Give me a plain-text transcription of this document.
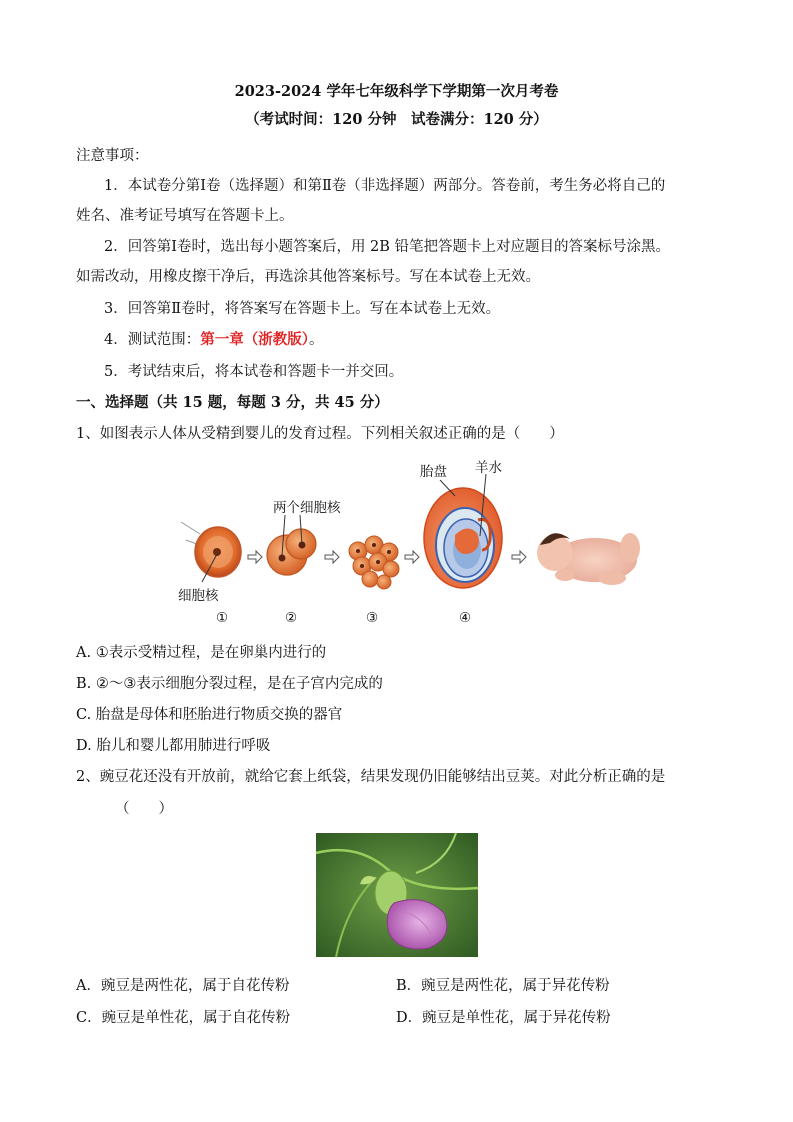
2023-2024 学年七年级科学下学期第一次月考卷
（考试时间：120 分钟　试卷满分：120 分）
注意事项：
1．本试卷分第Ⅰ卷（选择题）和第Ⅱ卷（非选择题）两部分。答卷前，考生务必将自己的
姓名、准考证号填写在答题卡上。
2．回答第Ⅰ卷时，选出每小题答案后，用 2B 铅笔把答题卡上对应题目的答案标号涂黑。
如需改动，用橡皮擦干净后，再选涂其他答案标号。写在本试卷上无效。
3．回答第Ⅱ卷时，将答案写在答题卡上。写在本试卷上无效。
4．测试范围：第一章（浙教版）。
5．考试结束后，将本试卷和答题卡一并交回。
一、选择题（共 15 题，每题 3 分，共 45 分）
1、如图表示人体从受精到婴儿的发育过程。下列相关叙述正确的是（　　）
胎盘 羊水
两个细胞核
细胞核
①	②	③	④
A. ①表示受精过程，是在卵巢内进行的
B. ②～③表示细胞分裂过程，是在子宫内完成的
C. 胎盘是母体和胚胎进行物质交换的器官
D. 胎儿和婴儿都用肺进行呼吸
2、豌豆花还没有开放前，就给它套上纸袋，结果发现仍旧能够结出豆荚。对此分析正确的是
（　　）
A．豌豆是两性花，属于自花传粉	B．豌豆是两性花，属于异花传粉
C．豌豆是单性花，属于自花传粉	D．豌豆是单性花，属于异花传粉
